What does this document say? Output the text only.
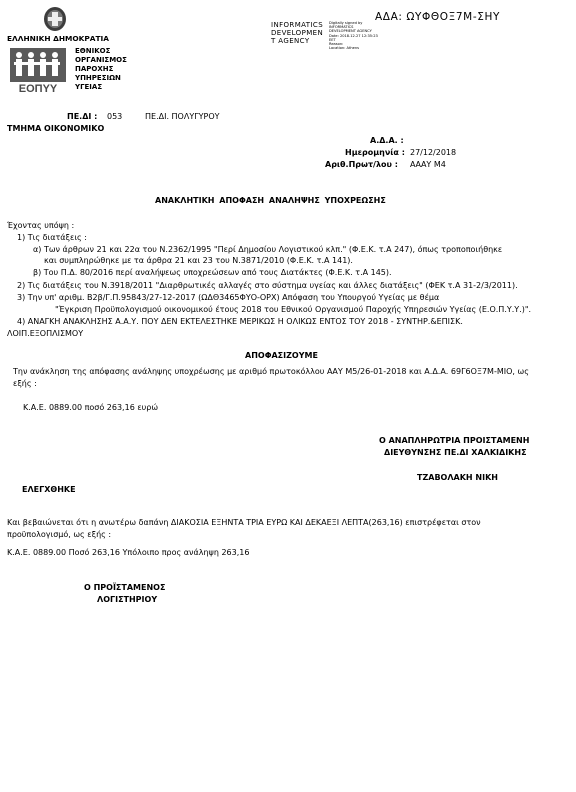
ΕΛΛΗΝΙΚΗ ΔΗΜΟΚΡΑΤΙΑ
ΕΟΠΥΥ
ΕΘΝΙΚΟΣ
ΟΡΓΑΝΙΣΜΟΣ
ΠΑΡΟΧΗΣ
ΥΠΗΡΕΣΙΩΝ
ΥΓΕΙΑΣ
INFORMATICS
DEVELOPMEN
T AGENCY
Digitally signed by
INFORMATICS
DEVELOPMENT AGENCY
Date: 2018.12.27 12:35:23
EET
Reason:
Location: Athens
ΑΔΑ: ΩΥΦΘΟΞ7Μ-ΣΗΥ
ΠΕ.ΔΙ : 053	ΠΕ.ΔΙ. ΠΟΛΥΓΥΡΟΥ
ΤΜΗΜΑ ΟΙΚΟΝΟΜΙΚΟ
Α.Δ.Α. :
Ημερομηνία : 27/12/2018
Αριθ.Πρωτ/λου : ΑΑΑΥ Μ4
ΑΝΑΚΛΗΤΙΚΗ ΑΠΟΦΑΣΗ ΑΝΑΛΗΨΗΣ ΥΠΟΧΡΕΩΣΗΣ
Έχοντας υπόψη :
1) Τις διατάξεις :
α) Των άρθρων 21 και 22α του Ν.2362/1995 "Περί Δημοσίου Λογιστικού κλπ." (Φ.Ε.Κ. τ.Α 247), όπως τροποποιήθηκε
και συμπληρώθηκε με τα άρθρα 21 και 23 του Ν.3871/2010 (Φ.Ε.Κ. τ.Α 141).
β) Του Π.Δ. 80/2016 περί αναλήψεως υποχρεώσεων από τους Διατάκτες (Φ.Ε.Κ. τ.Α 145).
2) Τις διατάξεις του Ν.3918/2011 "Διαρθρωτικές αλλαγές στο σύστημα υγείας και άλλες διατάξεις" (ΦΕΚ τ.Α 31-2/3/2011).
3) Την υπ' αριθμ. Β2β/Γ.Π.95843/27-12-2017 (ΩΔΘ3465ΦΥΟ-ΟΡΧ) Απόφαση του Υπουργού Υγείας με θέμα
"Έγκριση Προϋπολογισμού οικονομικού έτους 2018 του Εθνικού Οργανισμού Παροχής Υπηρεσιών Υγείας (Ε.Ο.Π.Υ.Υ.)".
4) ΑΝΑΓΚΗ ΑΝΑΚΛΗΣΗΣ Α.Α.Υ. ΠΟΥ ΔΕΝ ΕΚΤΕΛΕΣΤΗΚΕ ΜΕΡΙΚΩΣ Η ΟΛΙΚΩΣ ΕΝΤΟΣ ΤΟΥ 2018 - ΣΥΝΤΗΡ.&ΕΠΙΣΚ.
ΛΟΙΠ.ΕΞΟΠΛΙΣΜΟΥ
ΑΠΟΦΑΣΙΖΟΥΜΕ
Την ανάκληση της απόφασης ανάληψης υποχρέωσης με αριθμό πρωτοκόλλου ΑΑΥ Μ5/26-01-2018 και Α.Δ.Α. 69Γ6ΟΞ7Μ-ΜΙΟ, ως
εξής :
Κ.Α.Ε. 0889.00 ποσό 263,16 ευρώ
Ο ΑΝΑΠΛΗΡΩΤΡΙΑ ΠΡΟΙΣΤΑΜΕΝΗ
ΔΙΕΥΘΥΝΣΗΣ ΠΕ.ΔΙ ΧΑΛΚΙΔΙΚΗΣ
ΤΖΑΒΟΛΑΚΗ ΝΙΚΗ
ΕΛΕΓΧΘΗΚΕ
Και βεβαιώνεται ότι η ανωτέρω δαπάνη ΔΙΑΚΟΣΙΑ ΕΞΗΝΤΑ ΤΡΙΑ ΕΥΡΩ ΚΑΙ ΔΕΚΑΕΞΙ ΛΕΠΤΑ(263,16) επιστρέφεται στον
προϋπολογισμό, ως εξής :
Κ.Α.Ε. 0889.00 Ποσό 263,16 Υπόλοιπο προς ανάληψη 263,16
Ο ΠΡΟΪΣΤΑΜΕΝΟΣ
ΛΟΓΙΣΤΗΡΙΟΥ
